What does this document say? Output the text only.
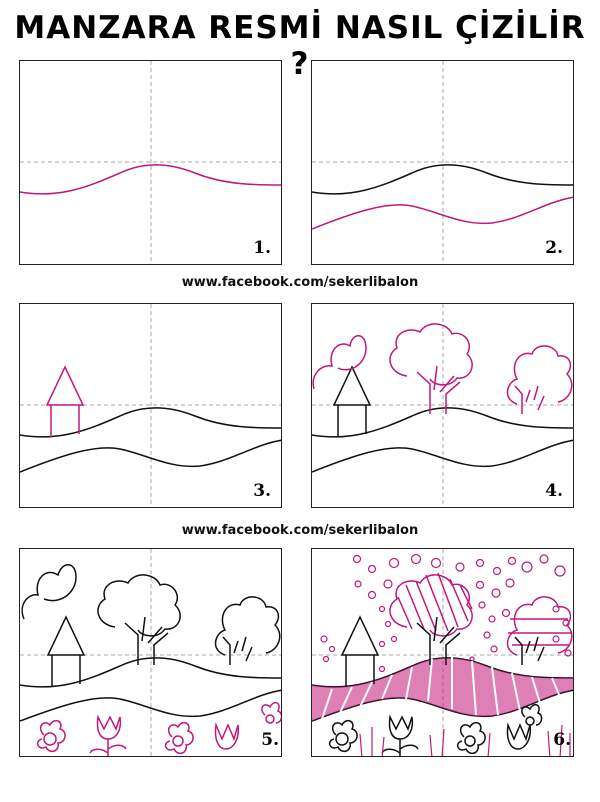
MANZARA RESMİ NASIL ÇİZİLİR ?
1.	2.
www.facebook.com/sekerlibalon
3.	4.
www.facebook.com/sekerlibalon
5.	6.
